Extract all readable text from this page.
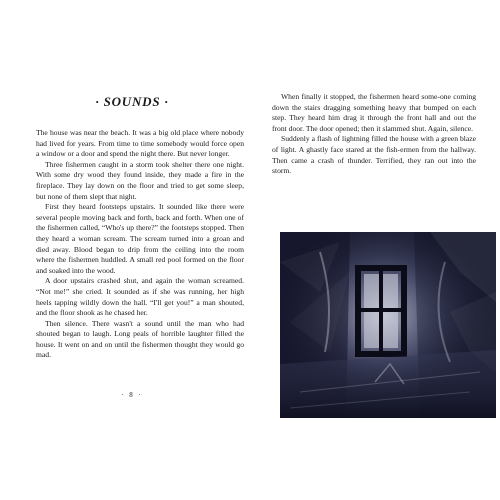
· SOUNDS ·

The house was near the beach. It was a big old place where nobody had lived for years. From time to time somebody would force open a window or a door and spend the night there. But never longer.

Three fishermen caught in a storm took shelter there one night. With some dry wood they found inside, they made a fire in the fireplace. They lay down on the floor and tried to get some sleep, but none of them slept that night.

First they heard footsteps upstairs. It sounded like there were several people moving back and forth, back and forth. When one of the fishermen called, “Who's up there?” the footsteps stopped. Then they heard a woman scream. The scream turned into a groan and died away. Blood began to drip from the ceiling into the room where the fishermen huddled. A small red pool formed on the floor and soaked into the wood.

A door upstairs crashed shut, and again the woman screamed. “Not me!” she cried. It sounded as if she was running, her high heels tapping wildly down the hall. “I'll get you!” a man shouted, and the floor shook as he chased her.

Then silence. There wasn't a sound until the man who had shouted began to laugh. Long peals of horrible laughter filled the house. It went on and on until the fishermen thought they would go mad.

· 8 ·

When finally it stopped, the fishermen heard some-one coming down the stairs dragging something heavy that bumped on each step. They heard him drag it through the front hall and out the front door. The door opened; then it slammed shut. Again, silence.

Suddenly a flash of lightning filled the house with a green blaze of light. A ghastly face stared at the fish-ermen from the hallway. Then came a crash of thunder. Terrified, they ran out into the storm.
